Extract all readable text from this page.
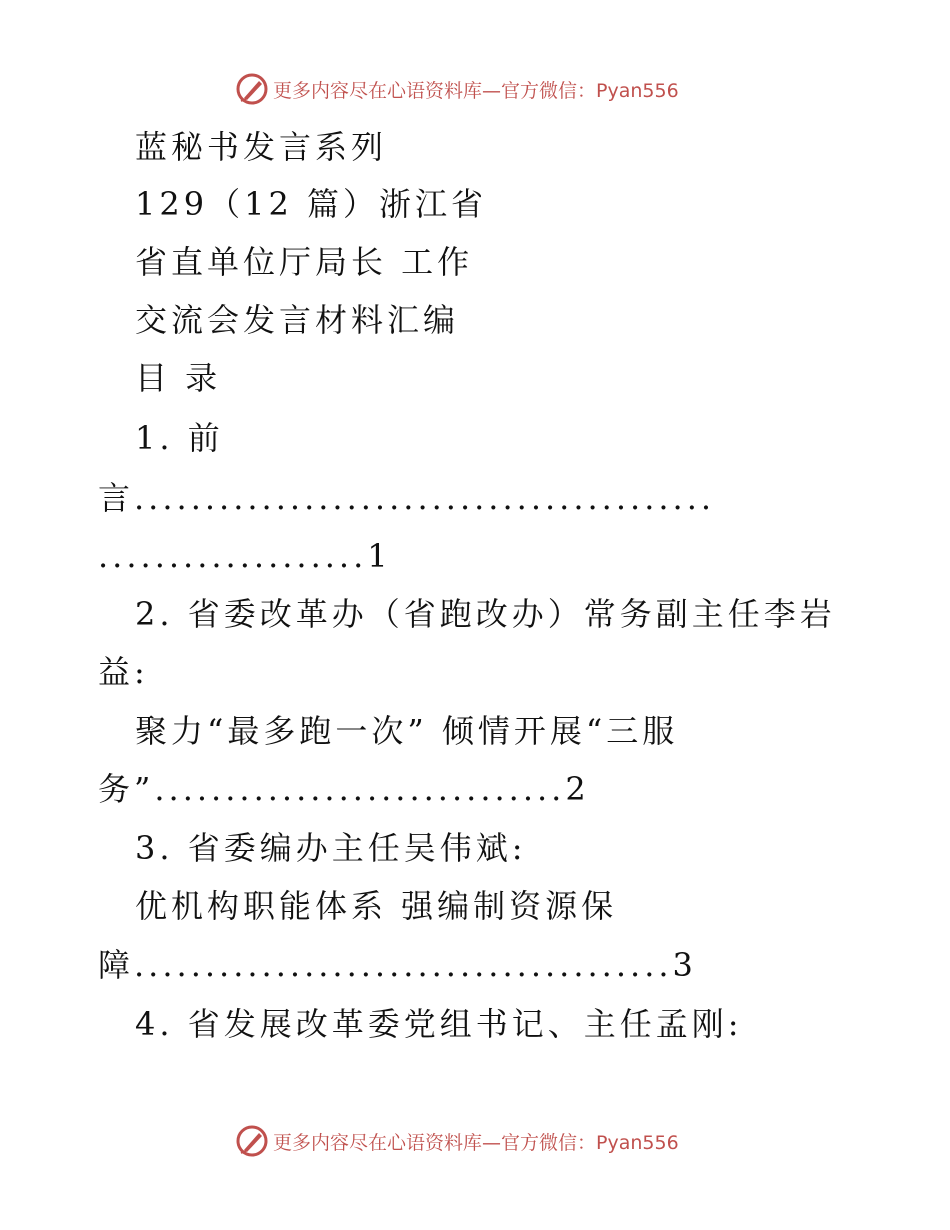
更多内容尽在心语资料库—官方微信：Pyan556
蓝秘书发言系列
129（12 篇）浙江省
省直单位厅局长 工作
交流会发言材料汇编
目 录
1. 前
言.........................................
...................1
2. 省委改革办（省跑改办）常务副主任李岩
益:
聚力“最多跑一次” 倾情开展“三服
务”.............................2
3. 省委编办主任吴伟斌:
优机构职能体系 强编制资源保
障......................................3
4. 省发展改革委党组书记、主任孟刚:
更多内容尽在心语资料库—官方微信：Pyan556
